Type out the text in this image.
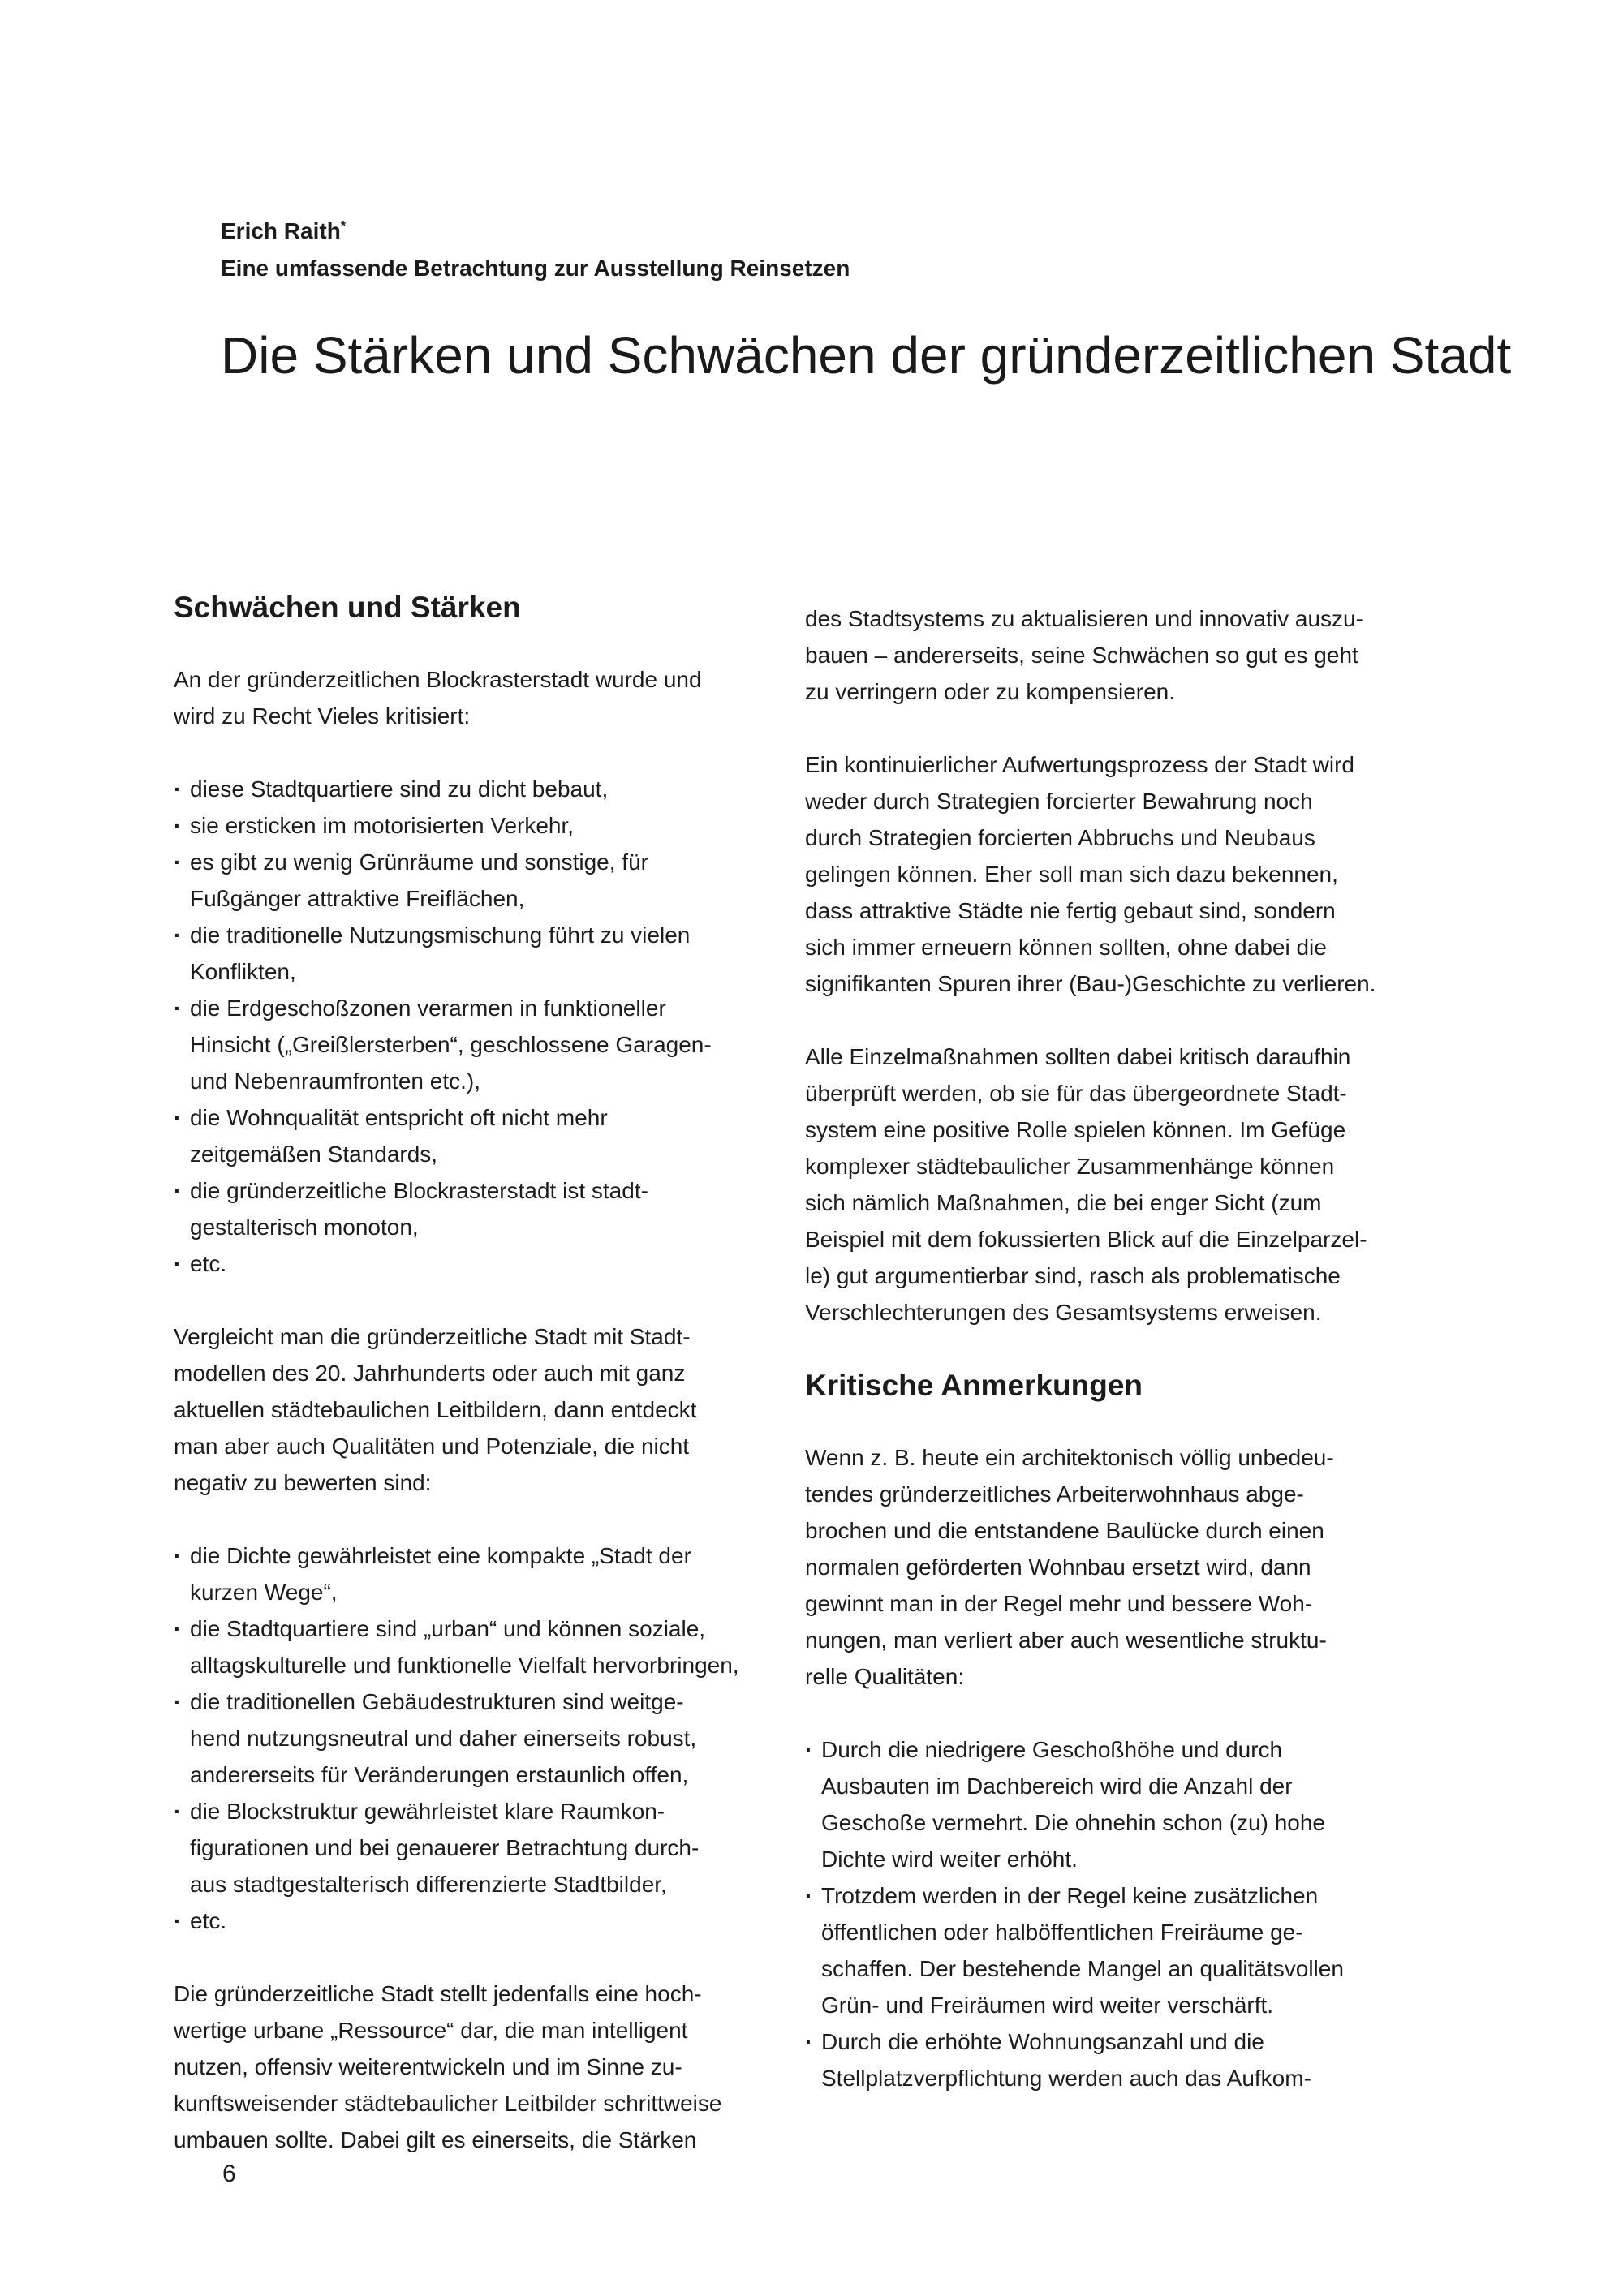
Erich Raith*

Eine umfassende Betrachtung zur Ausstellung Reinsetzen

Die Stärken und Schwächen der gründerzeitlichen Stadt
Schwächen und Stärken
An der gründerzeitlichen Blockrasterstadt wurde und
wird zu Recht Vieles kritisiert:
· diese Stadtquartiere sind zu dicht bebaut,
· sie ersticken im motorisierten Verkehr,
· es gibt zu wenig Grünräume und sonstige, für
Fußgänger attraktive Freiflächen,
· die traditionelle Nutzungsmischung führt zu vielen
Konflikten,
· die Erdgeschoßzonen verarmen in funktioneller
Hinsicht („Greißlersterben“, geschlossene Garagen-
und Nebenraumfronten etc.),
· die Wohnqualität entspricht oft nicht mehr
zeitgemäßen Standards,
· die gründerzeitliche Blockrasterstadt ist stadt-
gestalterisch monoton,
· etc.
Vergleicht man die gründerzeitliche Stadt mit Stadt-
modellen des 20. Jahrhunderts oder auch mit ganz
aktuellen städtebaulichen Leitbildern, dann entdeckt
man aber auch Qualitäten und Potenziale, die nicht
negativ zu bewerten sind:
· die Dichte gewährleistet eine kompakte „Stadt der
kurzen Wege“,
· die Stadtquartiere sind „urban“ und können soziale,
alltagskulturelle und funktionelle Vielfalt hervorbringen,
· die traditionellen Gebäudestrukturen sind weitge-
hend nutzungsneutral und daher einerseits robust,
andererseits für Veränderungen erstaunlich offen,
· die Blockstruktur gewährleistet klare Raumkon-
figurationen und bei genauerer Betrachtung durch-
aus stadtgestalterisch differenzierte Stadtbilder,
· etc.
Die gründerzeitliche Stadt stellt jedenfalls eine hoch-
wertige urbane „Ressource“ dar, die man intelligent
nutzen, offensiv weiterentwickeln und im Sinne zu-
kunftsweisender städtebaulicher Leitbilder schrittweise
umbauen sollte. Dabei gilt es einerseits, die Stärken
des Stadtsystems zu aktualisieren und innovativ auszu-
bauen – andererseits, seine Schwächen so gut es geht
zu verringern oder zu kompensieren.
Ein kontinuierlicher Aufwertungsprozess der Stadt wird
weder durch Strategien forcierter Bewahrung noch
durch Strategien forcierten Abbruchs und Neubaus
gelingen können. Eher soll man sich dazu bekennen,
dass attraktive Städte nie fertig gebaut sind, sondern
sich immer erneuern können sollten, ohne dabei die
signifikanten Spuren ihrer (Bau-)Geschichte zu verlieren.
Alle Einzelmaßnahmen sollten dabei kritisch daraufhin
überprüft werden, ob sie für das übergeordnete Stadt-
system eine positive Rolle spielen können. Im Gefüge
komplexer städtebaulicher Zusammenhänge können
sich nämlich Maßnahmen, die bei enger Sicht (zum
Beispiel mit dem fokussierten Blick auf die Einzelparzel-
le) gut argumentierbar sind, rasch als problematische
Verschlechterungen des Gesamtsystems erweisen.
Kritische Anmerkungen
Wenn z. B. heute ein architektonisch völlig unbedeu-
tendes gründerzeitliches Arbeiterwohnhaus abge-
brochen und die entstandene Baulücke durch einen
normalen geförderten Wohnbau ersetzt wird, dann
gewinnt man in der Regel mehr und bessere Woh-
nungen, man verliert aber auch wesentliche struktu-
relle Qualitäten:
· Durch die niedrigere Geschoßhöhe und durch
Ausbauten im Dachbereich wird die Anzahl der
Geschoße vermehrt. Die ohnehin schon (zu) hohe
Dichte wird weiter erhöht.
· Trotzdem werden in der Regel keine zusätzlichen
öffentlichen oder halböffentlichen Freiräume ge-
schaffen. Der bestehende Mangel an qualitätsvollen
Grün- und Freiräumen wird weiter verschärft.
· Durch die erhöhte Wohnungsanzahl und die
Stellplatzverpflichtung werden auch das Aufkom-
6
